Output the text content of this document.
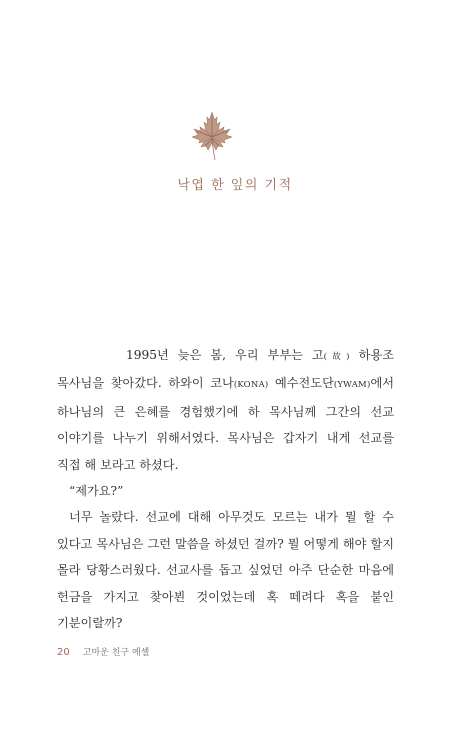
낙엽 한 잎의 기적

1995년 늦은 봄, 우리 부부는 고(故) 하용조 목사님을 찾아갔다. 하와이 코나(KONA) 예수전도단(YWAM)에서 하나님의 큰 은혜를 경험했기에 하 목사님께 그간의 선교 이야기를 나누기 위해서였다. 목사님은 갑자기 내게 선교를 직접 해 보라고 하셨다.

“제가요?”

너무 놀랐다. 선교에 대해 아무것도 모르는 내가 뭘 할 수 있다고 목사님은 그런 말씀을 하셨던 걸까? 뭘 어떻게 해야 할지 몰라 당황스러웠다. 선교사를 돕고 싶었던 아주 단순한 마음에 헌금을 가지고 찾아뵌 것이었는데 혹 떼려다 혹을 붙인 기분이랄까?

20 고마운 친구 예셸
